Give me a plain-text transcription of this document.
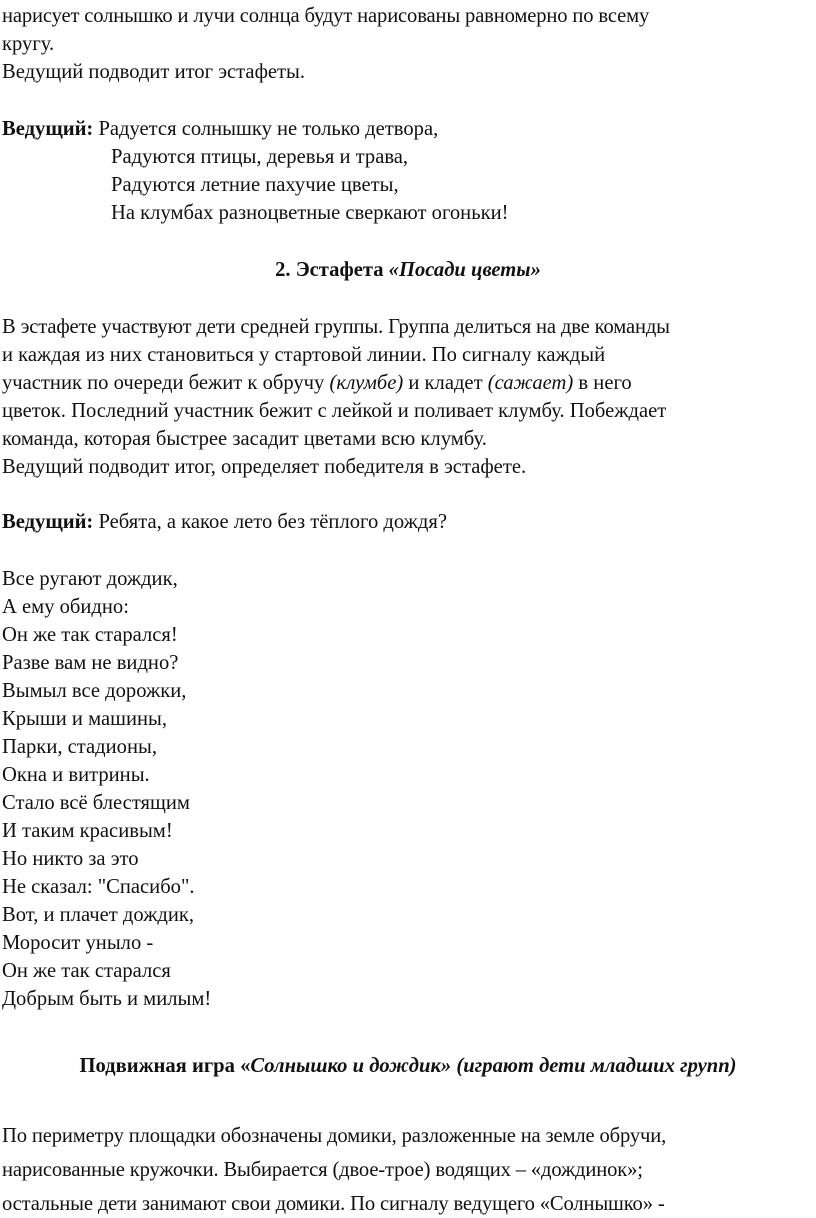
нарисует солнышко и лучи солнца будут нарисованы равномерно по всему
кругу.
Ведущий подводит итог эстафеты.
Ведущий: Радуется солнышку не только детвора,
Радуются птицы, деревья и трава,
Радуются летние пахучие цветы,
На клумбах разноцветные сверкают огоньки!
2. Эстафета «Посади цветы»
В эстафете участвуют дети средней группы. Группа делиться на две команды
и каждая из них становиться у стартовой линии. По сигналу каждый
участник по очереди бежит к обручу (клумбе) и кладет (сажает) в него
цветок. Последний участник бежит с лейкой и поливает клумбу. Побеждает
команда, которая быстрее засадит цветами всю клумбу.
Ведущий подводит итог, определяет победителя в эстафете.
Ведущий: Ребята, а какое лето без тёплого дождя?
Все ругают дождик,
А ему обидно:
Он же так старался!
Разве вам не видно?
Вымыл все дорожки,
Крыши и машины,
Парки, стадионы,
Окна и витрины.
Стало всё блестящим
И таким красивым!
Но никто за это
Не сказал: "Спасибо".
Вот, и плачет дождик,
Моросит уныло -
Он же так старался
Добрым быть и милым!
Подвижная игра «Солнышко и дождик» (играют дети младших групп)
По периметру площадки обозначены домики, разложенные на земле обручи,
нарисованные кружочки. Выбирается (двое-трое) водящих – «дождинок»;
остальные дети занимают свои домики. По сигналу ведущего «Солнышко» -
